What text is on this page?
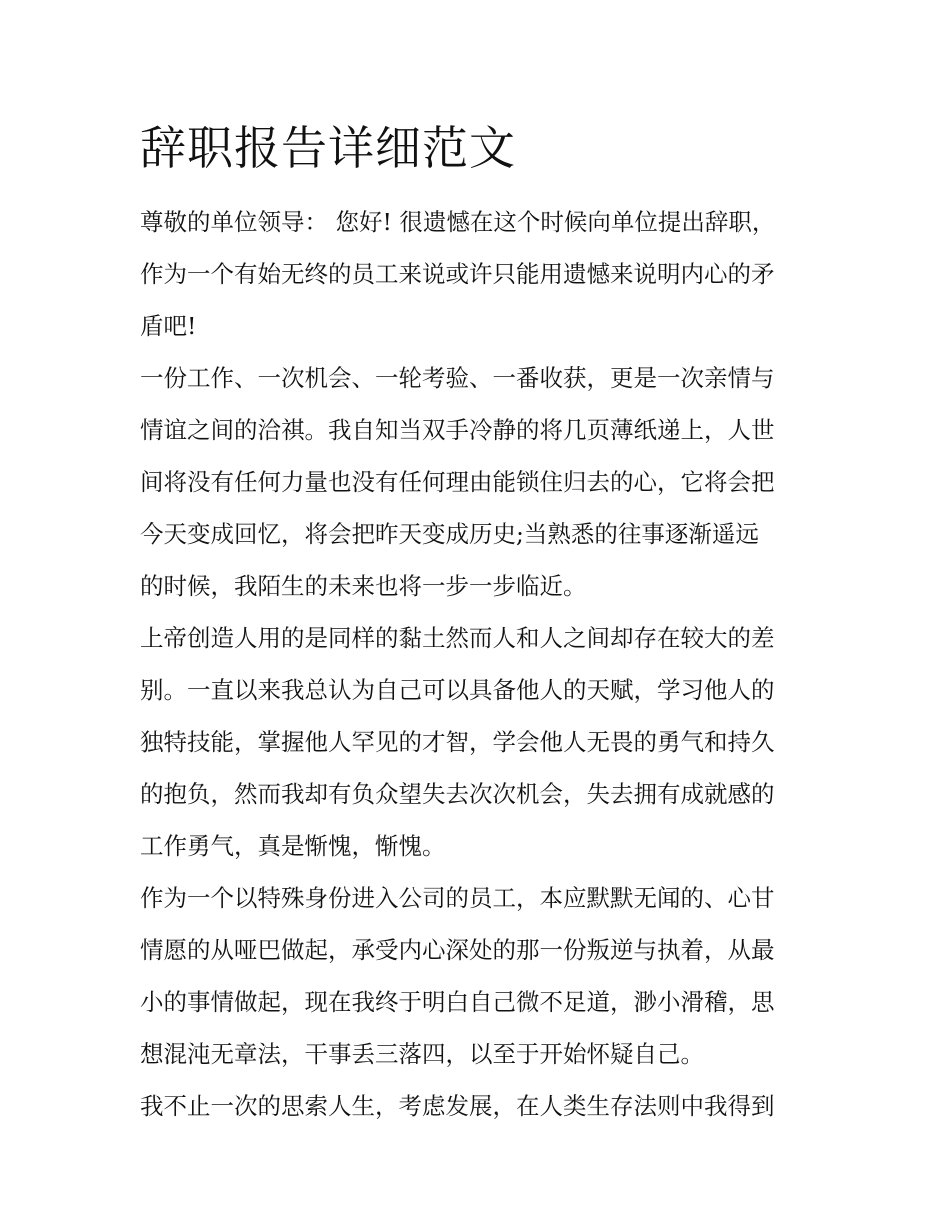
辞职报告详细范文
尊敬的单位领导： 您好! 很遗憾在这个时候向单位提出辞职，
作为一个有始无终的员工来说或许只能用遗憾来说明内心的矛
盾吧!
一份工作、一次机会、一轮考验、一番收获，更是一次亲情与
情谊之间的洽祺。我自知当双手冷静的将几页薄纸递上，人世
间将没有任何力量也没有任何理由能锁住归去的心，它将会把
今天变成回忆，将会把昨天变成历史;当熟悉的往事逐渐遥远
的时候，我陌生的未来也将一步一步临近。
上帝创造人用的是同样的黏土然而人和人之间却存在较大的差
别。一直以来我总认为自己可以具备他人的天赋，学习他人的
独特技能，掌握他人罕见的才智，学会他人无畏的勇气和持久
的抱负，然而我却有负众望失去次次机会，失去拥有成就感的
工作勇气，真是惭愧，惭愧。
作为一个以特殊身份进入公司的员工，本应默默无闻的、心甘
情愿的从哑巴做起，承受内心深处的那一份叛逆与执着，从最
小的事情做起，现在我终于明白自己微不足道，渺小滑稽，思
想混沌无章法，干事丢三落四，以至于开始怀疑自己。
我不止一次的思索人生，考虑发展，在人类生存法则中我得到
